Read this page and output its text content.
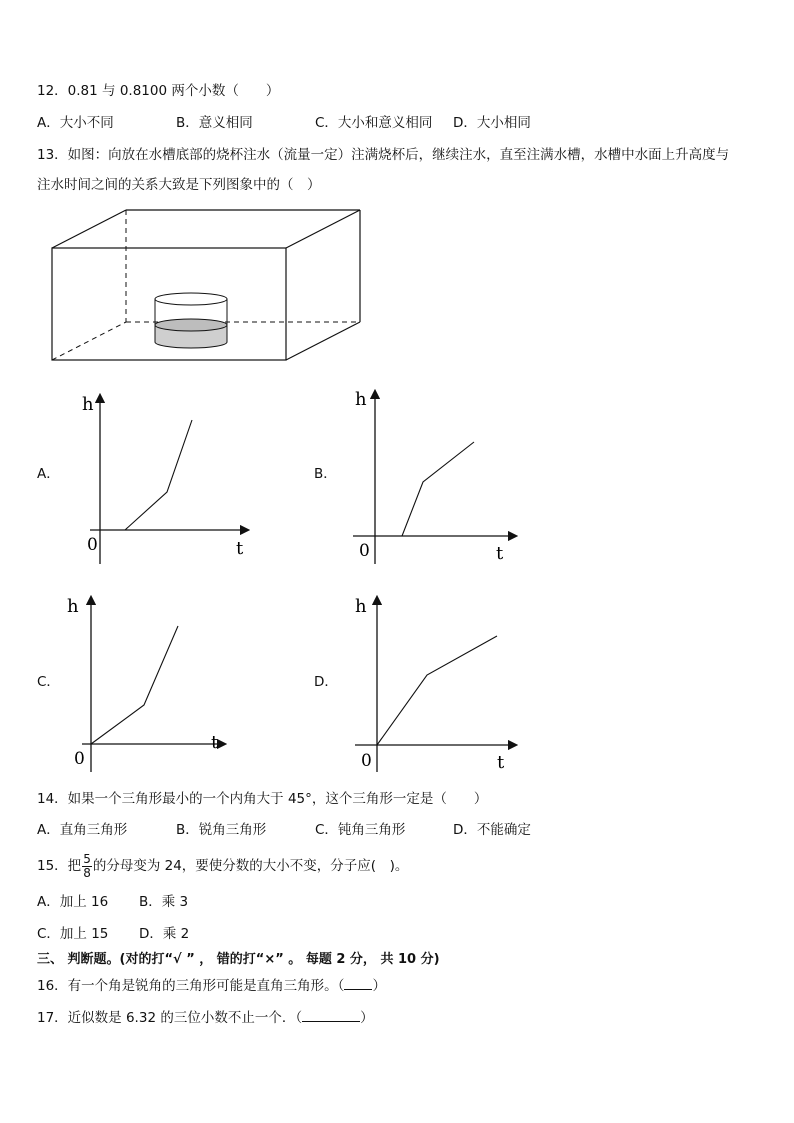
12．0.81 与 0.8100 两个小数（　　）
A．大小不同	B．意义相同	C．大小和意义相同 D．大小相同
13．如图：向放在水槽底部的烧杯注水（流量一定）注满烧杯后，继续注水，直至注满水槽，水槽中水面上升高度与
注水时间之间的关系大致是下列图象中的（　）
A．
h
t
0
B．
h
t
0
C．
h
t
0
D．
h
t
0
14．如果一个三角形最小的一个内角大于 45°，这个三角形一定是（　　）
A．直角三角形	B．锐角三角形	C．钝角三角形	D．不能确定
15．把 $\frac{5}{8}$ 的分母变为 24，要使分数的大小不变，分子应(　)。
A．加上 16 B．乘 3
C．加上 15 D．乘 2
三、 判断题。(对的打“√ ” ， 错的打“×” 。 每题 2 分， 共 10 分)
16．有一个角是锐角的三角形可能是直角三角形。（ ）
17．近似数是 6.32 的三位小数不止一个．（	）
